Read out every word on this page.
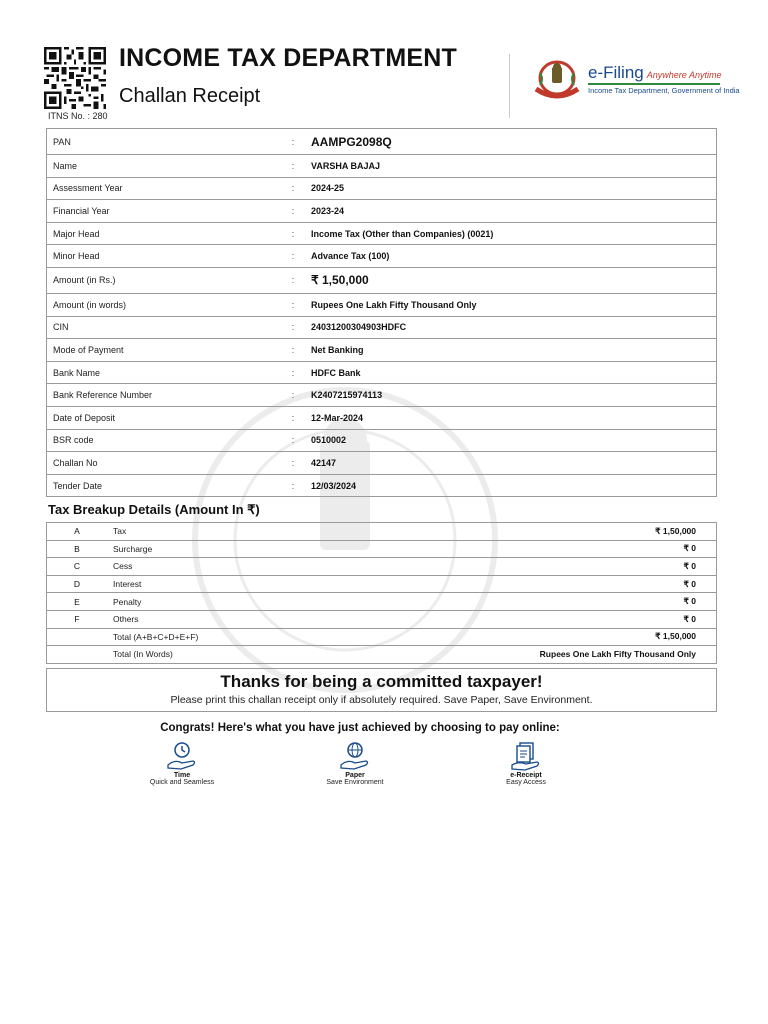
ITNS No. : 280
INCOME TAX DEPARTMENT
Challan Receipt
e-Filing Anywhere Anytime
Income Tax Department, Government of India
PAN	:	AAMPG2098Q
Name	:	VARSHA BAJAJ
Assessment Year	:	2024-25
Financial Year	:	2023-24
Major Head	:	Income Tax (Other than Companies) (0021)
Minor Head	:	Advance Tax (100)
Amount (in Rs.)	:	₹ 1,50,000
Amount (in words)	:	Rupees One Lakh Fifty Thousand Only
CIN	:	24031200304903HDFC
Mode of Payment	:	Net Banking
Bank Name	:	HDFC Bank
Bank Reference Number	:	K2407215974113
Date of Deposit	:	12-Mar-2024
BSR code	:	0510002
Challan No	:	42147
Tender Date	:	12/03/2024
Tax Breakup Details (Amount In ₹)
A	Tax	₹ 1,50,000
B	Surcharge	₹ 0
C	Cess	₹ 0
D	Interest	₹ 0
E	Penalty	₹ 0
F	Others	₹ 0
	Total (A+B+C+D+E+F)	₹ 1,50,000
	Total (In Words)	Rupees One Lakh Fifty Thousand Only
Thanks for being a committed taxpayer!
Please print this challan receipt only if absolutely required. Save Paper, Save Environment.
Congrats! Here's what you have just achieved by choosing to pay online:
Time
Quick and Seamless
Paper
Save Environment
e-Receipt
Easy Access
